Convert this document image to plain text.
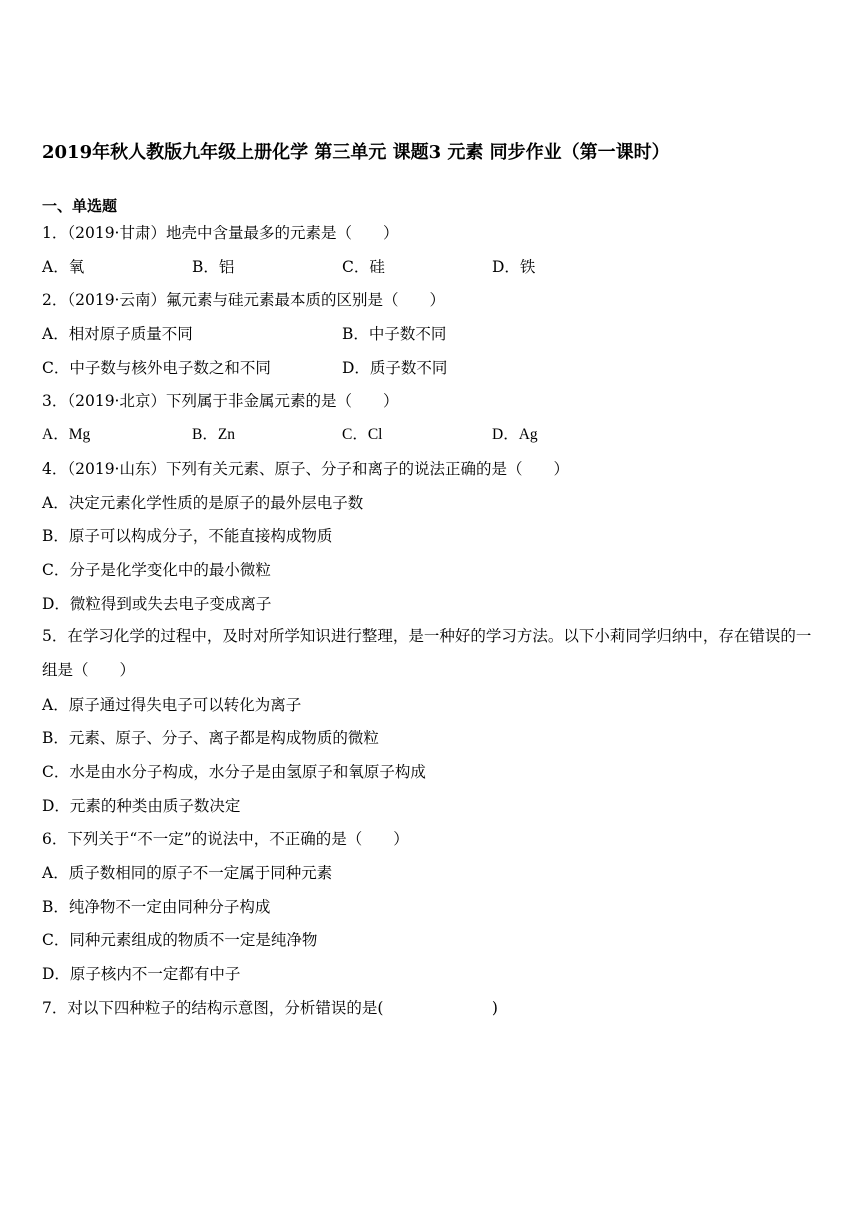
2019年秋人教版九年级上册化学 第三单元 课题3 元素 同步作业（第一课时）
一、单选题
1．（2019·甘肃）地壳中含量最多的元素是（　　）
A．氧	B．铝	C．硅	D．铁
2．（2019·云南）氟元素与硅元素最本质的区别是（　　）
A．相对原子质量不同	B．中子数不同
C．中子数与核外电子数之和不同	D．质子数不同
3．（2019·北京）下列属于非金属元素的是（　　）
A．Mg	B．Zn	C．Cl	D．Ag
4．（2019·山东）下列有关元素、原子、分子和离子的说法正确的是（　　）
A．决定元素化学性质的是原子的最外层电子数
B．原子可以构成分子，不能直接构成物质
C．分子是化学变化中的最小微粒
D．微粒得到或失去电子变成离子
5．在学习化学的过程中，及时对所学知识进行整理，是一种好的学习方法。以下小莉同学归纳中，存在错误的一组是（　　）
A．原子通过得失电子可以转化为离子
B．元素、原子、分子、离子都是构成物质的微粒
C．水是由水分子构成，水分子是由氢原子和氧原子构成
D．元素的种类由质子数决定
6．下列关于“不一定”的说法中，不正确的是（　　）
A．质子数相同的原子不一定属于同种元素
B．纯净物不一定由同种分子构成
C．同种元素组成的物质不一定是纯净物
D．原子核内不一定都有中子
7．对以下四种粒子的结构示意图，分析错误的是(　　　　　　　)
